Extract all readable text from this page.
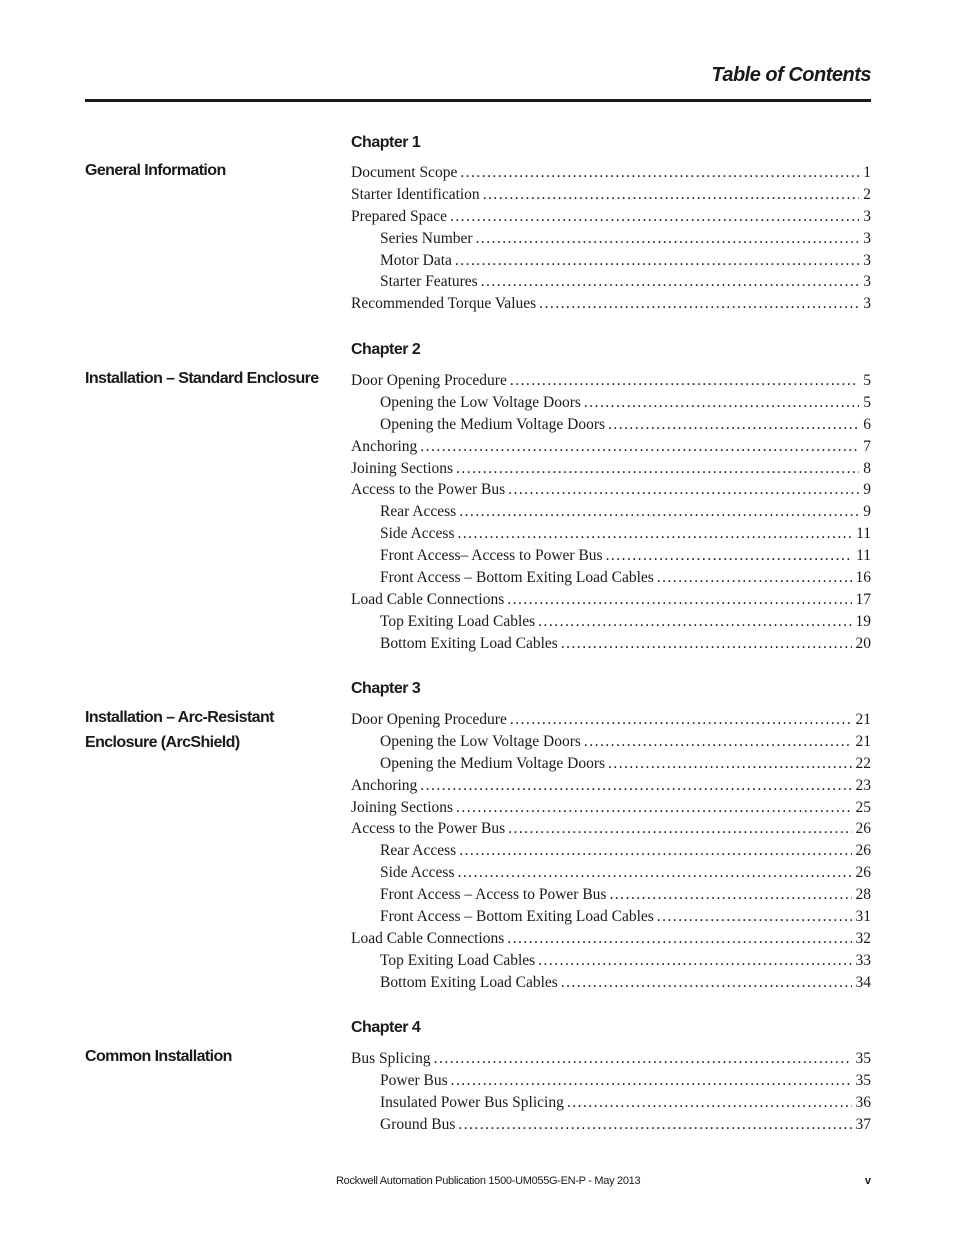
Table of Contents
Chapter 1
General Information	Document Scope . . .	1
Starter Identification . . .	2
Prepared Space . . .	3
Series Number . . .	3
Motor Data . . .	3
Starter Features . . .	3
Recommended Torque Values . . .	3
Chapter 2
Installation – Standard Enclosure	Door Opening Procedure . . .	5
Opening the Low Voltage Doors . . .	5
Opening the Medium Voltage Doors . . .	6
Anchoring . . .	7
Joining Sections . . .	8
Access to the Power Bus . . .	9
Rear Access . . .	9
Side Access . . .	11
Front Access– Access to Power Bus . . .	11
Front Access – Bottom Exiting Load Cables . . .	16
Load Cable Connections . . .	17
Top Exiting Load Cables . . .	19
Bottom Exiting Load Cables . . .	20
Chapter 3
Installation – Arc-Resistant Enclosure (ArcShield)
Door Opening Procedure . . .	21
Opening the Low Voltage Doors . . .	21
Opening the Medium Voltage Doors . . .	22
Anchoring . . .	23
Joining Sections . . .	25
Access to the Power Bus . . .	26
Rear Access . . .	26
Side Access . . .	26
Front Access – Access to Power Bus . . .	28
Front Access – Bottom Exiting Load Cables . . .	31
Load Cable Connections . . .	32
Top Exiting Load Cables . . .	33
Bottom Exiting Load Cables . . .	34
Chapter 4
Common Installation	Bus Splicing . . .	35
Power Bus . . .	35
Insulated Power Bus Splicing . . .	36
Ground Bus . . .	37
Rockwell Automation Publication 1500-UM055G-EN-P - May 2013	v
